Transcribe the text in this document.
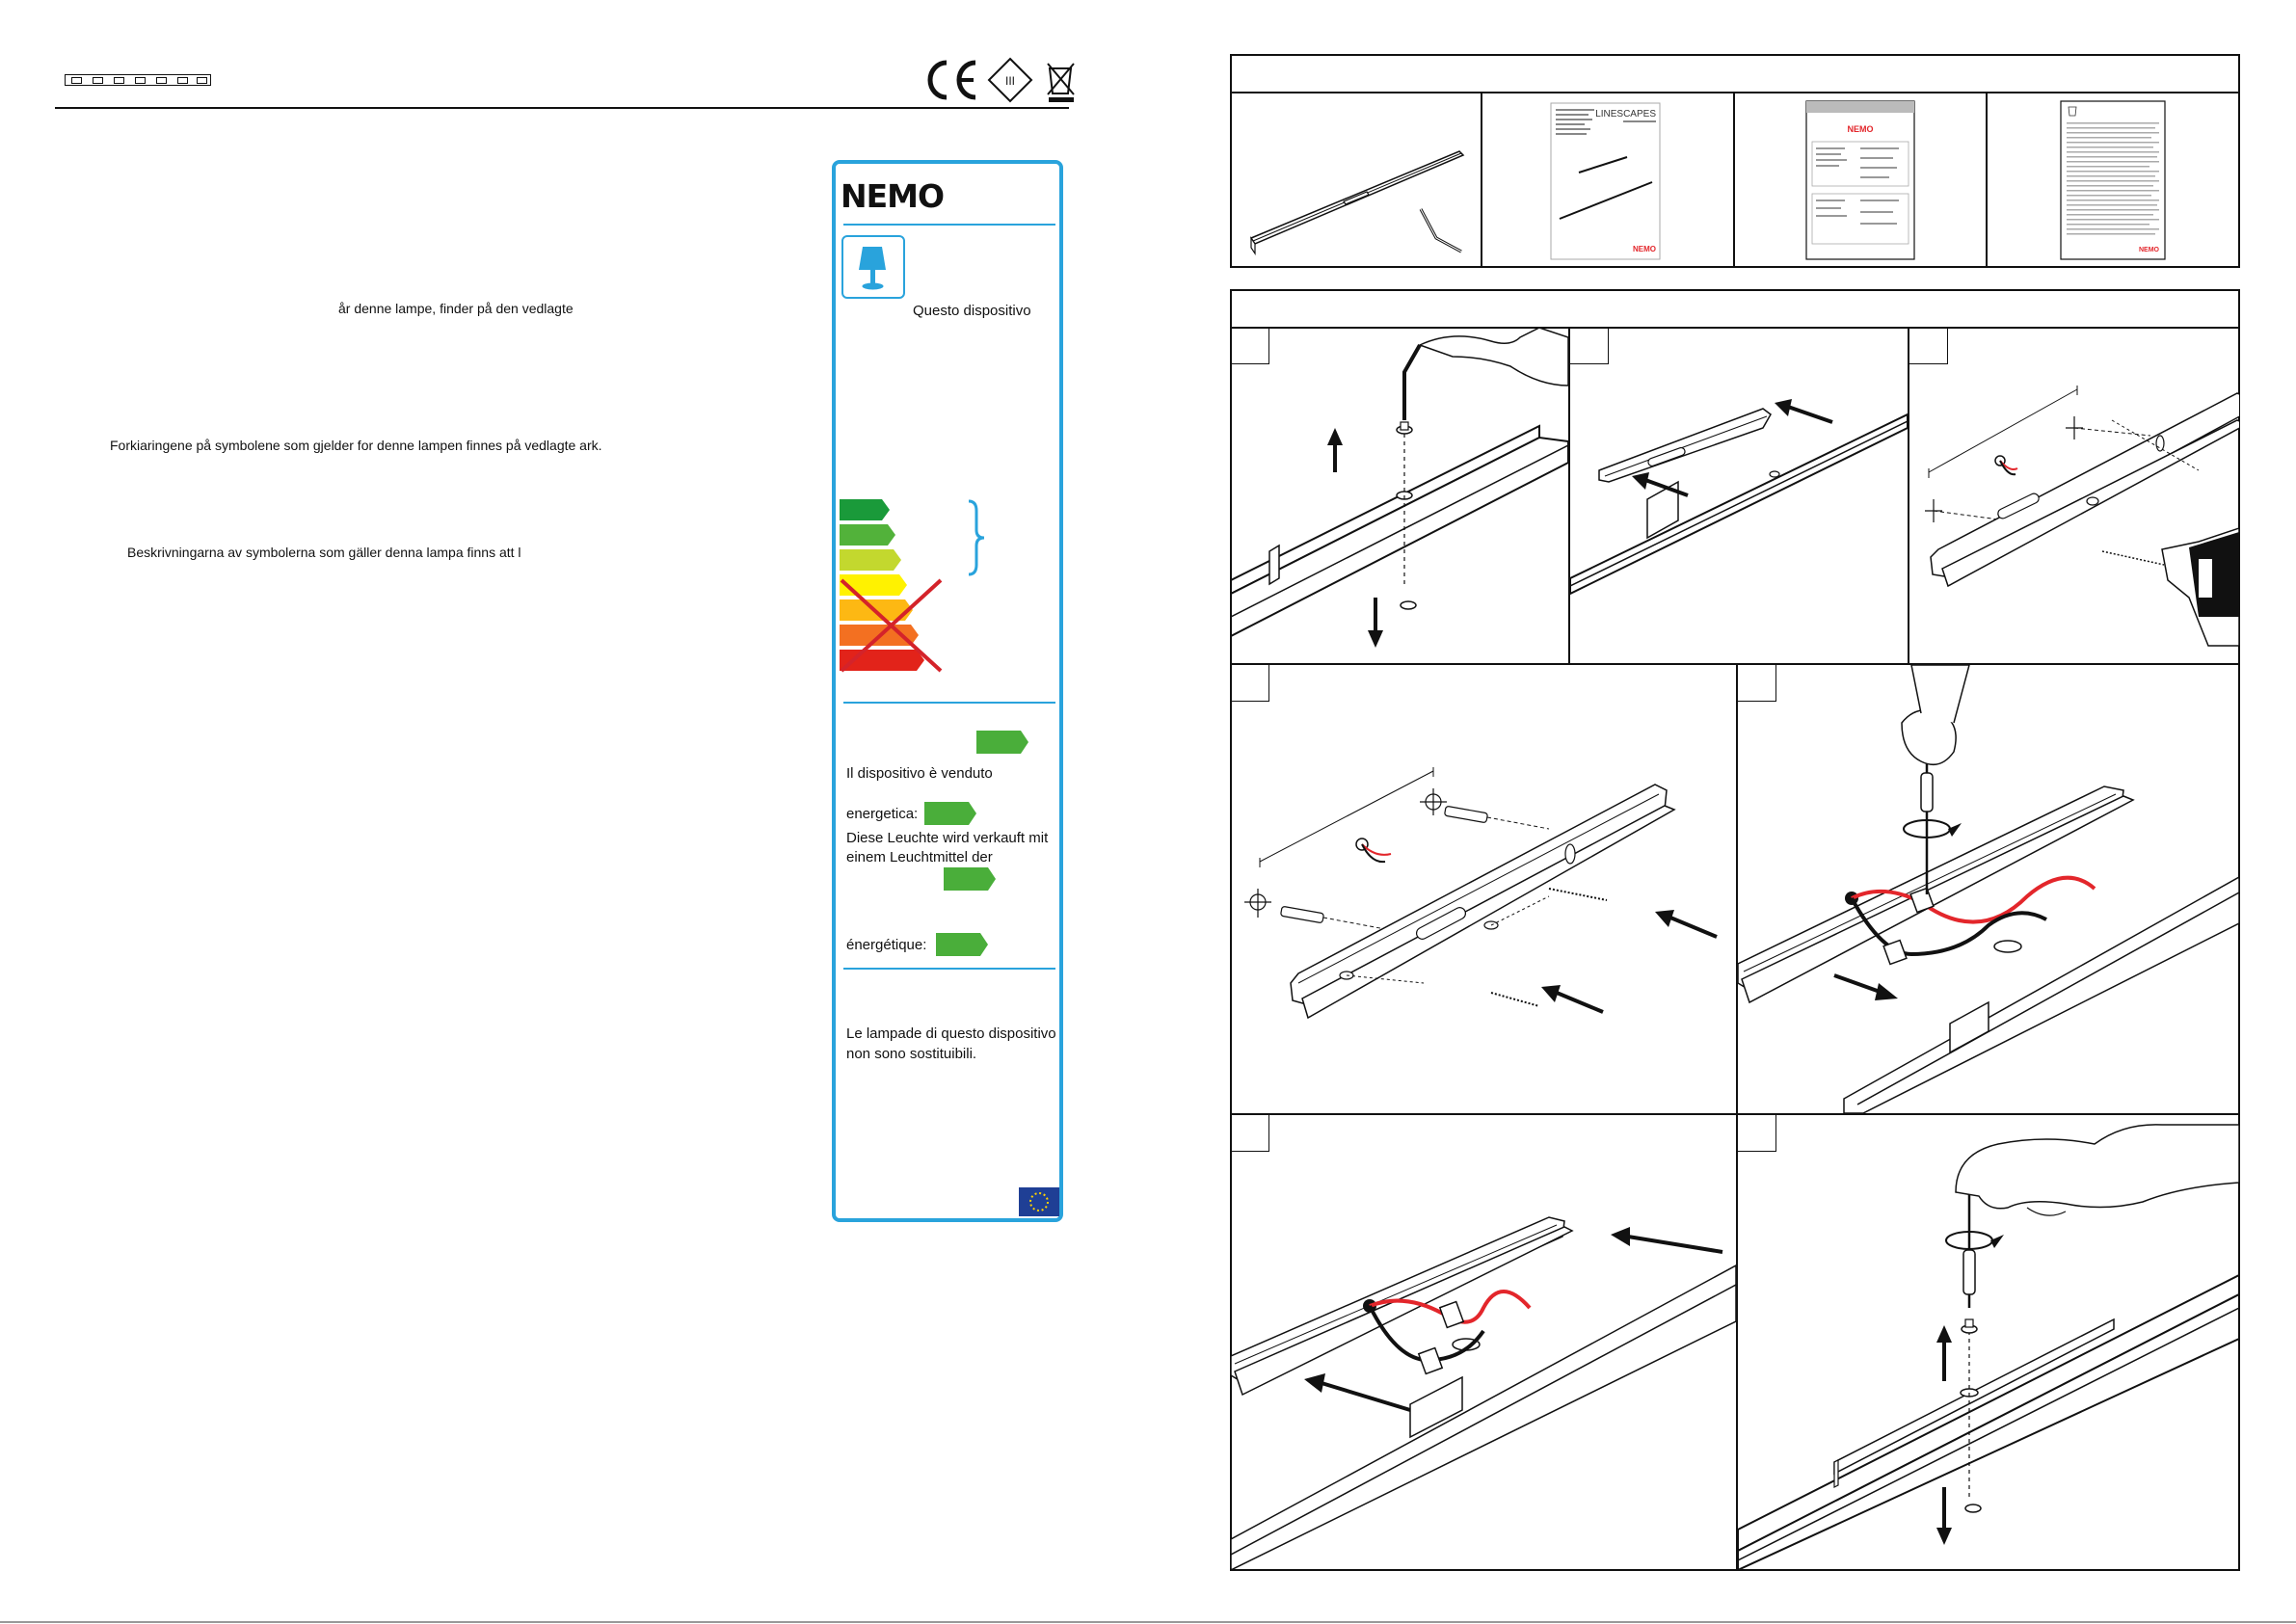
III
år denne lampe, finder på den vedlagte
Forkiaringene på symbolene som gjelder for denne lampen finnes på vedlagte ark.
Beskrivningarna av symbolerna som gäller denna lampa finns att l
NEMO
Questo dispositivo
Il dispositivo è venduto
energetica:
Diese Leuchte wird verkauft mit
einem Leuchtmittel der
énergétique:
Le lampade di questo dispositivo
non sono sostituibili.
LINESCAPES
NEMO
NEMO
NEMO
